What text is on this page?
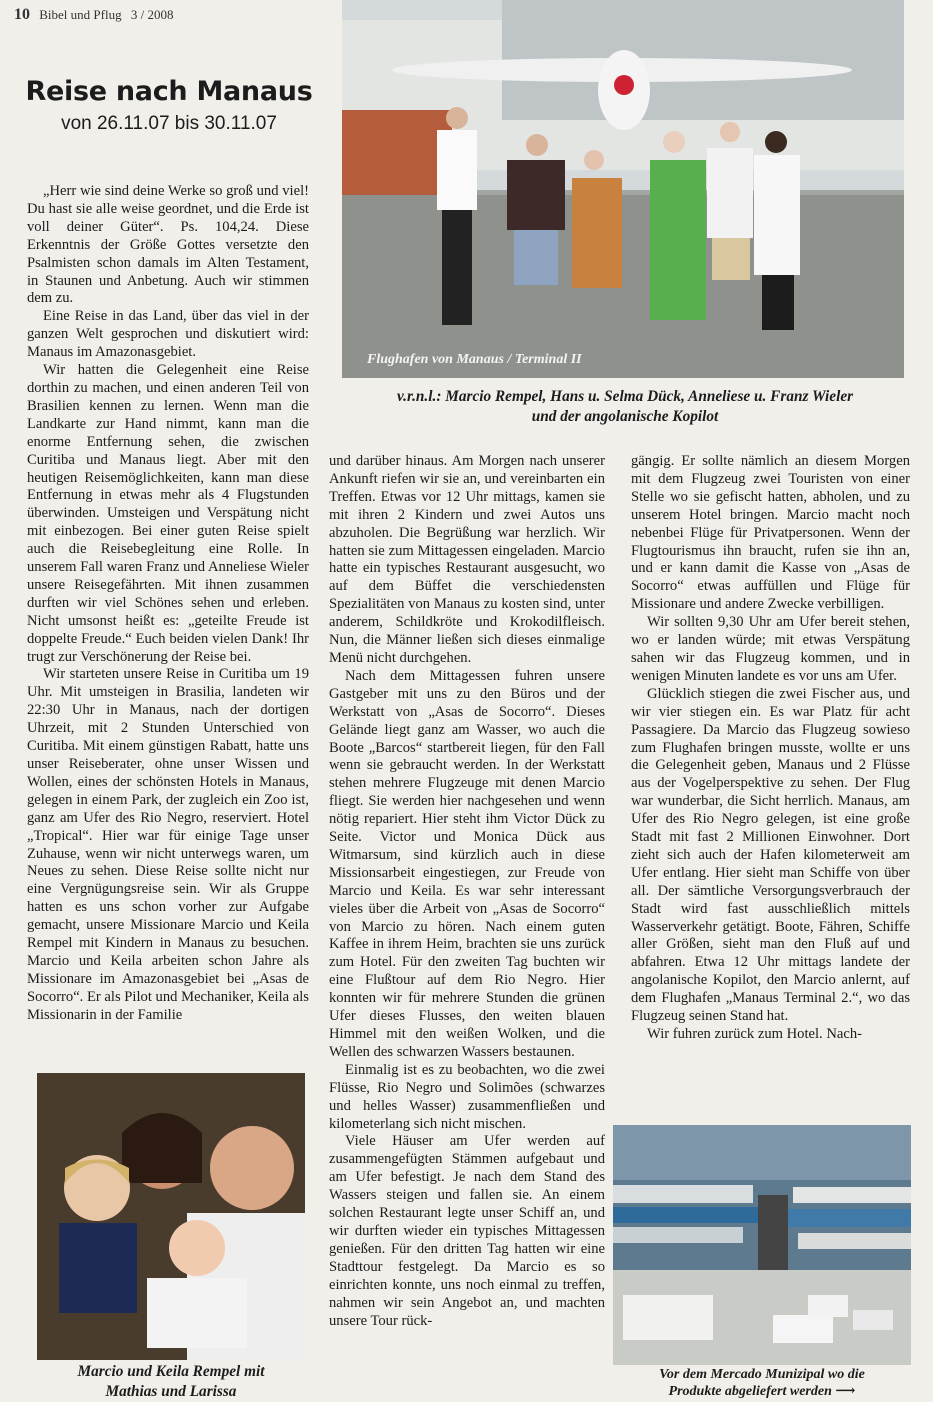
10 Bibel und Pflug 3 / 2008
Reise nach Manaus
von 26.11.07 bis 30.11.07
Flughafen von Manaus / Terminal II
v.r.n.l.: Marcio Rempel, Hans u. Selma Dück, Anneliese u. Franz Wieler
und der angolanische Kopilot

„Herr wie sind deine Werke so groß und viel! Du hast sie alle weise geordnet, und die Erde ist voll deiner Güter“. Ps. 104,24. Diese Erkenntnis der Größe Gottes versetzte den Psalmisten schon damals im Alten Testament, in Staunen und Anbetung. Auch wir stimmen dem zu.

Eine Reise in das Land, über das viel in der ganzen Welt gesprochen und diskutiert wird: Manaus im Amazonasgebiet.

Wir hatten die Gelegenheit eine Reise dorthin zu machen, und einen anderen Teil von Brasilien kennen zu lernen. Wenn man die Landkarte zur Hand nimmt, kann man die enorme Entfernung sehen, die zwischen Curitiba und Manaus liegt. Aber mit den heutigen Reisemöglichkeiten, kann man diese Entfernung in etwas mehr als 4 Flugstunden überwinden. Umsteigen und Verspätung nicht mit einbezogen. Bei einer guten Reise spielt auch die Reisebegleitung eine Rolle. In unserem Fall waren Franz und Anneliese Wieler unsere Reisegefährten. Mit ihnen zusammen durften wir viel Schönes sehen und erleben. Nicht umsonst heißt es: „geteilte Freude ist doppelte Freude.“ Euch beiden vielen Dank! Ihr trugt zur Verschönerung der Reise bei.

Wir starteten unsere Reise in Curitiba um 19 Uhr. Mit umsteigen in Brasilia, landeten wir 22:30 Uhr in Manaus, nach der dortigen Uhrzeit, mit 2 Stunden Unterschied von Curitiba. Mit einem günstigen Rabatt, hatte uns unser Reiseberater, ohne unser Wissen und Wollen, eines der schönsten Hotels in Manaus, gelegen in einem Park, der zugleich ein Zoo ist, ganz am Ufer des Rio Negro, reserviert. Hotel „Tropical“. Hier war für einige Tage unser Zuhause, wenn wir nicht unterwegs waren, um Neues zu sehen. Diese Reise sollte nicht nur eine Vergnügungsreise sein. Wir als Gruppe hatten es uns schon vorher zur Aufgabe gemacht, unsere Missionare Marcio und Keila Rempel mit Kindern in Manaus zu besuchen. Marcio und Keila arbeiten schon Jahre als Missionare im Amazonasgebiet bei „Asas de Socorro“. Er als Pilot und Mechaniker, Keila als Missionarin in der Familie

und darüber hinaus. Am Morgen nach unserer Ankunft riefen wir sie an, und vereinbarten ein Treffen. Etwas vor 12 Uhr mittags, kamen sie mit ihren 2 Kindern und zwei Autos uns abzuholen. Die Begrüßung war herzlich. Wir hatten sie zum Mittagessen eingeladen. Marcio hatte ein typisches Restaurant ausgesucht, wo auf dem Büffet die verschiedensten Spezialitäten von Manaus zu kosten sind, unter anderem, Schildkröte und Krokodilfleisch. Nun, die Männer ließen sich dieses einmalige Menü nicht durchgehen.

Nach dem Mittagessen fuhren unsere Gastgeber mit uns zu den Büros und der Werkstatt von „Asas de Socorro“. Dieses Gelände liegt ganz am Wasser, wo auch die Boote „Barcos“ startbereit liegen, für den Fall wenn sie gebraucht werden. In der Werkstatt stehen mehrere Flugzeuge mit denen Marcio fliegt. Sie werden hier nachgesehen und wenn nötig repariert. Hier steht ihm Victor Dück zu Seite. Victor und Monica Dück aus Witmarsum, sind kürzlich auch in diese Missionsarbeit eingestiegen, zur Freude von Marcio und Keila. Es war sehr interessant vieles über die Arbeit von „Asas de Socorro“ von Marcio zu hören. Nach einem guten Kaffee in ihrem Heim, brachten sie uns zurück zum Hotel. Für den zweiten Tag buchten wir eine Flußtour auf dem Rio Negro. Hier konnten wir für mehrere Stunden die grünen Ufer dieses Flusses, den weiten blauen Himmel mit den weißen Wolken, und die Wellen des schwarzen Wassers bestaunen.

Einmalig ist es zu beobachten, wo die zwei Flüsse, Rio Negro und Solimões (schwarzes und helles Wasser) zusammenfließen und kilometerlang sich nicht mischen.

Viele Häuser am Ufer werden auf zusammengefügten Stämmen aufgebaut und am Ufer befestigt. Je nach dem Stand des Wassers steigen und fallen sie. An einem solchen Restaurant legte unser Schiff an, und wir durften wieder ein typisches Mittagessen genießen. Für den dritten Tag hatten wir eine Stadttour festgelegt. Da Marcio es so einrichten konnte, uns noch einmal zu treffen, nahmen wir sein Angebot an, und machten unsere Tour rück-

gängig. Er sollte nämlich an diesem Morgen mit dem Flugzeug zwei Touristen von einer Stelle wo sie gefischt hatten, abholen, und zu unserem Hotel bringen. Marcio macht noch nebenbei Flüge für Privatpersonen. Wenn der Flugtourismus ihn braucht, rufen sie ihn an, und er kann damit die Kasse von „Asas de Socorro“ etwas auffüllen und Flüge für Missionare und andere Zwecke verbilligen.

Wir sollten 9,30 Uhr am Ufer bereit stehen, wo er landen würde; mit etwas Verspätung sahen wir das Flugzeug kommen, und in wenigen Minuten landete es vor uns am Ufer.

Glücklich stiegen die zwei Fischer aus, und wir vier stiegen ein. Es war Platz für acht Passagiere. Da Marcio das Flugzeug sowieso zum Flughafen bringen musste, wollte er uns die Gelegenheit geben, Manaus und 2 Flüsse aus der Vogelperspektive zu sehen. Der Flug war wunderbar, die Sicht herrlich. Manaus, am Ufer des Rio Negro gelegen, ist eine große Stadt mit fast 2 Millionen Einwohner. Dort zieht sich auch der Hafen kilometerweit am Ufer entlang. Hier sieht man Schiffe von über all. Der sämtliche Versorgungsverbrauch der Stadt wird fast ausschließlich mittels Wasserverkehr getätigt. Boote, Fähren, Schiffe aller Größen, sieht man den Fluß auf und abfahren. Etwa 12 Uhr mittags landete der angolanische Kopilot, den Marcio anlernt, auf dem Flughafen „Manaus Terminal 2.“, wo das Flugzeug seinen Stand hat.

Wir fuhren zurück zum Hotel. Nach-

Marcio und Keila Rempel mit
Mathias und Larissa
Vor dem Mercado Munizipal wo die
Produkte abgeliefert werden ⟶
